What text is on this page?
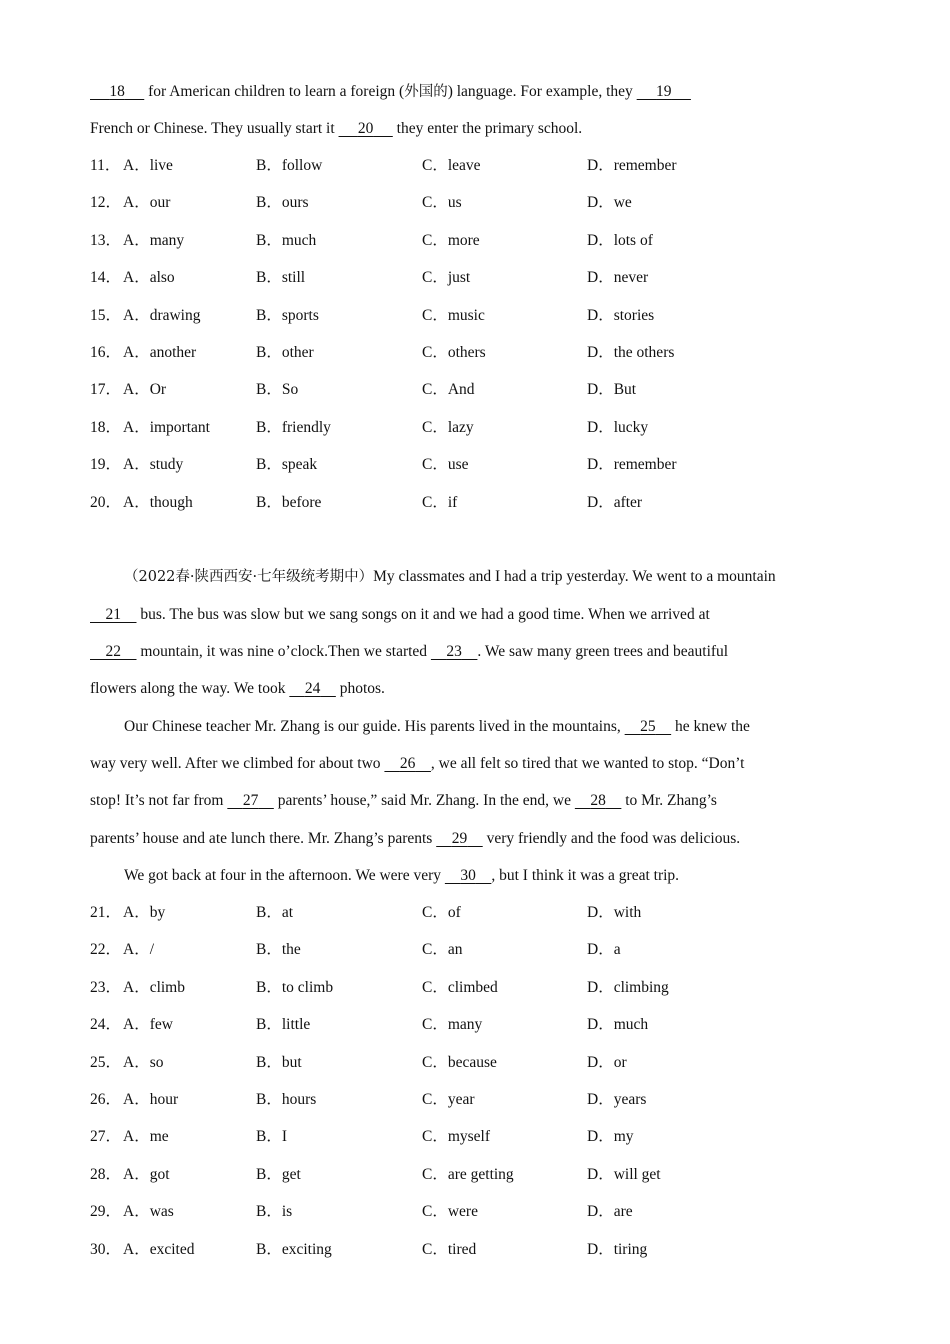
18      for American children to learn a foreign (外国的) language. For example, they      19
French or Chinese. They usually start it      20      they enter the primary school.
11． A．live	B．follow	C．leave	D．remember
12． A．our	B．ours	C．us	D．we
13． A．many	B．much	C．more	D．lots of
14． A．also	B．still	C．just	D．never
15． A．drawing	B．sports	C．music	D．stories
16． A．another	B．other	C．others	D．the others
17． A．Or	B．So	C．And	D．But
18． A．important	B．friendly	C．lazy	D．lucky
19． A．study	B．speak	C．use	D．remember
20． A．though	B．before	C．if	D．after
（2022春·陕西西安·七年级统考期中）My classmates and I had a trip yesterday. We went to a mountain
21     bus. The bus was slow but we sang songs on it and we had a good time. When we arrived at
22     mountain, it was nine o’clock.Then we started     23 . We saw many green trees and beautiful
flowers along the way. We took     24     photos.
Our Chinese teacher Mr. Zhang is our guide. His parents lived in the mountains,     25     he knew the
way very well. After we climbed for about two     26 , we all felt so tired that we wanted to stop. “Don’t
stop! It’s not far from     27     parents’ house,” said Mr. Zhang. In the end, we     28     to Mr. Zhang’s
parents’ house and ate lunch there. Mr. Zhang’s parents     29     very friendly and the food was delicious.
We got back at four in the afternoon. We were very     30 , but I think it was a great trip.
21． A．by	B．at	C．of	D．with
22． A．/	B．the	C．an	D．a
23． A．climb	B．to climb	C．climbed	D．climbing
24． A．few	B．little	C．many	D．much
25． A．so	B．but	C．because	D．or
26． A．hour	B．hours	C．year	D．years
27． A．me	B．I	C．myself	D．my
28． A．got	B．get	C．are getting	D．will get
29． A．was	B．is	C．were	D．are
30． A．excited	B．exciting	C．tired	D．tiring
